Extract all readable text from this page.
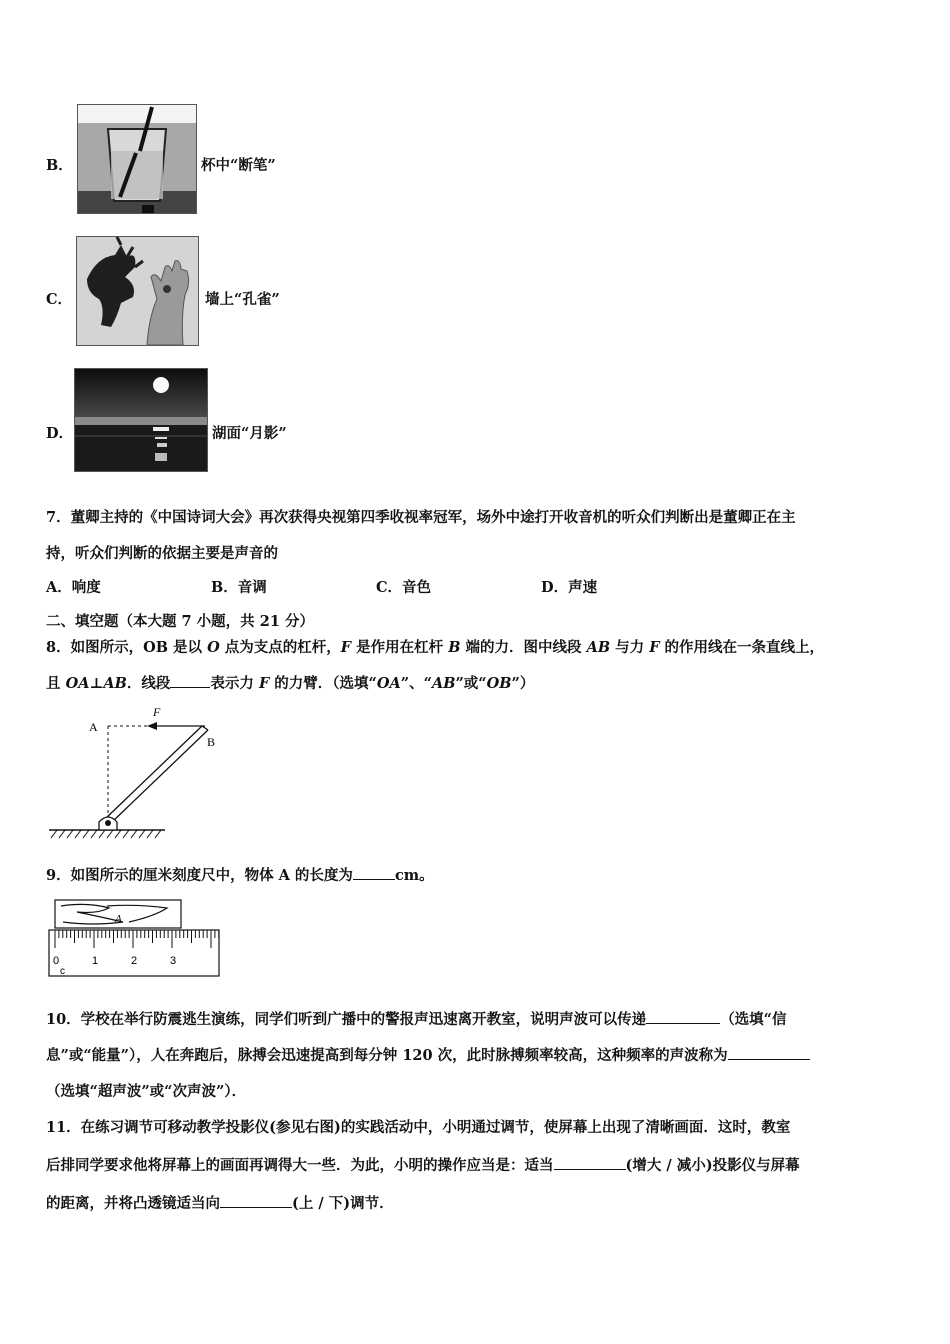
B．	杯中“断笔”
C．	墙上“孔雀”
D．	湖面“月影”
7．董卿主持的《中国诗词大会》再次获得央视第四季收视率冠军，场外中途打开收音机的听众们判断出是董卿正在主
持，听众们判断的依据主要是声音的
A．响度	B．音调	C．音色	D．声速
二、填空题（本大题 7 小题，共 21 分）
8．如图所示，OB 是以 O 点为支点的杠杆，F 是作用在杠杆 B 端的力．图中线段 AB 与力 F 的作用线在一条直线上，
且 OA⊥AB．线段	表示力 F 的力臂．（选填“OA”、“AB”或“OB”）
A
F
B
9．如图所示的厘米刻度尺中，物体 A 的长度为	cm。
A
0	1	2	3
c
10．学校在举行防震逃生演练，同学们听到广播中的警报声迅速离开教室，说明声波可以传递	（选填“信
息”或“能量”），人在奔跑后，脉搏会迅速提高到每分钟 120 次，此时脉搏频率较高，这种频率的声波称为
（选填“超声波”或“次声波”）．
11．在练习调节可移动教学投影仪(参见右图)的实践活动中，小明通过调节，使屏幕上出现了清晰画面．这时，教室
后排同学要求他将屏幕上的画面再调得大一些．为此，小明的操作应当是：适当	(增大 / 减小)投影仪与屏幕
的距离，并将凸透镜适当向	(上 / 下)调节．
